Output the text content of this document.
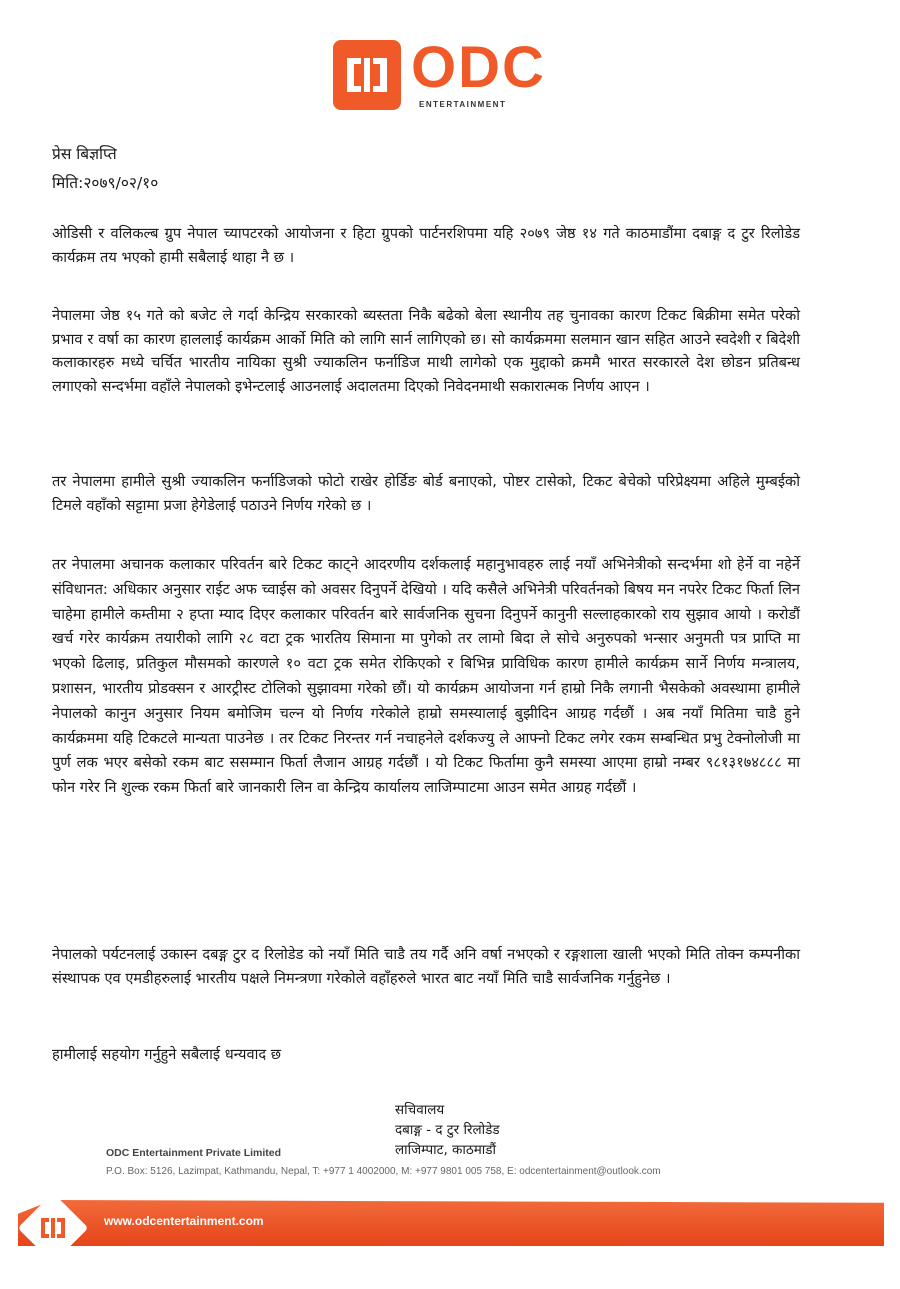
ODC
ENTERTAINMENT
प्रेस बिज्ञप्ति
मिति:२०७९/०२/१०
ओडिसी र वलिकल्ब ग्रुप नेपाल च्यापटरको आयोजना र हिटा ग्रुपको पार्टनरशिपमा यहि २०७९ जेष्ठ १४ गते काठमाडौंमा दबाङ्ग द टुर रिलोडेड कार्यक्रम तय भएको हामी सबैलाई थाहा नै छ ।
नेपालमा जेष्ठ १५ गते को बजेट ले गर्दा केन्द्रिय सरकारको ब्यस्तता निकै बढेको बेला स्थानीय तह चुनावका कारण टिकट बिक्रीमा समेत परेको प्रभाव र वर्षा का कारण हाललाई कार्यक्रम आर्को मिति को लागि सार्न लागिएको छ। सो कार्यक्रममा सलमान खान सहित आउने स्वदेशी र बिदेशी कलाकारहरु मध्ये चर्चित भारतीय नायिका सुश्री ज्याकलिन फर्नाडिज माथी लागेको एक मुद्दाको क्रममै भारत सरकारले देश छोडन प्रतिबन्ध लगाएको सन्दर्भमा वहाँले नेपालको इभेन्टलाई आउनलाई अदालतमा दिएको निवेदनमाथी सकारात्मक निर्णय आएन ।
तर नेपालमा हामीले सुश्री ज्याकलिन फर्नाडिजको फोटो राखेर होर्डिङ बोर्ड बनाएको, पोष्टर टासेको, टिकट बेचेको परिप्रेक्ष्यमा अहिले मुम्बईको टिमले वहाँको सट्टामा प्रजा हेगेडेलाई पठाउने निर्णय गरेको छ ।
तर नेपालमा अचानक कलाकार परिवर्तन बारे टिकट काट्ने आदरणीय दर्शकलाई महानुभावहरु लाई नयाँ अभिनेत्रीको सन्दर्भमा शो हेर्ने वा नहेर्ने संविधानत: अधिकार अनुसार राईट अफ च्वाईस को अवसर दिनुपर्ने देखियो । यदि कसैले अभिनेत्री परिवर्तनको बिषय मन नपरेर टिकट फिर्ता लिन चाहेमा हामीले कम्तीमा २ हप्ता म्याद दिएर कलाकार परिवर्तन बारे सार्वजनिक सुचना दिनुपर्ने कानुनी सल्लाहकारको राय सुझाव आयो । करोडौं खर्च गरेर कार्यक्रम तयारीको लागि २८ वटा ट्रक भारतिय सिमाना मा पुगेको तर लामो बिदा ले सोचे अनुरुपको भन्सार अनुमती पत्र प्राप्ति मा भएको ढिलाइ, प्रतिकुल मौसमको कारणले १० वटा ट्रक समेत रोकिएको र बिभिन्न प्राविधिक कारण हामीले कार्यक्रम सार्ने निर्णय मन्त्रालय, प्रशासन, भारतीय प्रोडक्सन र आरट्रीस्ट टोलिको सुझावमा गरेको छौं। यो कार्यक्रम आयोजना गर्न हाम्रो निकै लगानी भैसकेको अवस्थामा हामीले नेपालको कानुन अनुसार नियम बमोजिम चल्न यो निर्णय गरेकोले हाम्रो समस्यालाई बुझीदिन आग्रह गर्दछौं । अब नयाँ मितिमा चाडै हुने कार्यक्रममा यहि टिकटले मान्यता पाउनेछ । तर टिकट निरन्तर गर्न नचाहनेले दर्शकज्यु ले आफ्नो टिकट लगेर रकम सम्बन्धित प्रभु टेक्नोलोजी मा पुर्ण लक भएर बसेको रकम बाट ससम्मान फिर्ता लैजान आग्रह गर्दछौं । यो टिकट फिर्तामा कुनै समस्या आएमा हाम्रो नम्बर ९८१३१७४८८८ मा फोन गरेर नि शुल्क रकम फिर्ता बारे जानकारी लिन वा केन्द्रिय कार्यालय लाजिम्पाटमा आउन समेत आग्रह गर्दछौं ।
नेपालको पर्यटनलाई उकास्न दबङ्ग टुर द रिलोडेड को नयाँ मिति चाडै तय गर्दै अनि वर्षा नभएको र रङ्गशाला खाली भएको मिति तोक्न कम्पनीका संस्थापक एव एमडीहरुलाई भारतीय पक्षले निमन्त्रणा गरेकोले वहाँहरुले भारत बाट नयाँ मिति चाडै सार्वजनिक गर्नुहुनेछ ।
हामीलाई सहयोग गर्नुहुने सबैलाई धन्यवाद छ
सचिवालय
दबाङ्ग - द टुर रिलोडेड
लाजिम्पाट, काठमाडौं
ODC Entertainment Private Limited
P.O. Box: 5126, Lazimpat, Kathmandu, Nepal, T: +977 1 4002000, M: +977 9801 005 758, E: odcentertainment@outlook.com
www.odcentertainment.com
